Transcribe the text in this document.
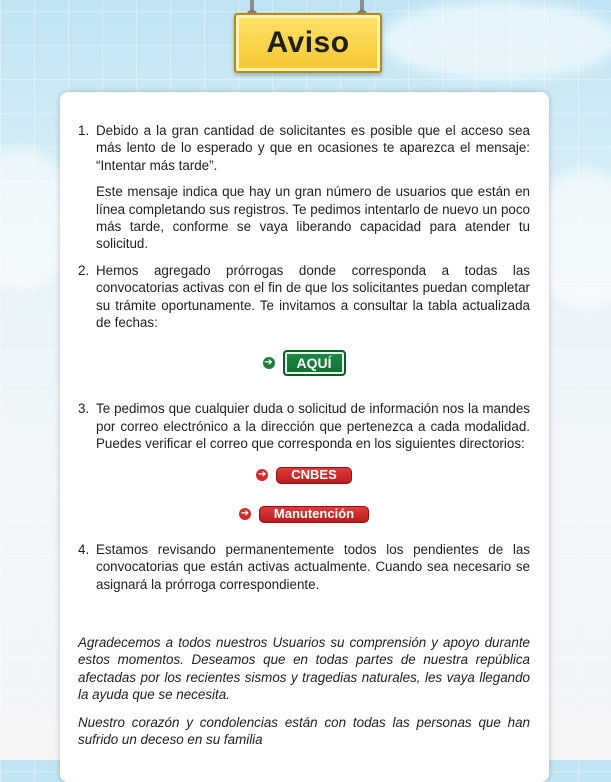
Aviso
1. Debido a la gran cantidad de solicitantes es posible que el acceso sea más lento de lo esperado y que en ocasiones te aparezca el mensaje: “Intentar más tarde”.

Este mensaje indica que hay un gran número de usuarios que están en línea completando sus registros. Te pedimos intentarlo de nuevo un poco más tarde, conforme se vaya liberando capacidad para atender tu solicitud.

2. Hemos agregado prórrogas donde corresponda a todas las convocatorias activas con el fin de que los solicitantes puedan completar su trámite oportunamente. Te invitamos a consultar la tabla actualizada de fechas:

➔	AQUÍ
3. Te pedimos que cualquier duda o solicitud de información nos la mandes por correo electrónico a la dirección que pertenezca a cada modalidad. Puedes verificar el correo que corresponda en los siguientes directorios:

➔	CNBES
➔	Manutención
4. Estamos revisando permanentemente todos los pendientes de las convocatorias que están activas actualmente. Cuando sea necesario se asignará la prórroga correspondiente.

Agradecemos a todos nuestros Usuarios su comprensión y apoyo durante estos momentos. Deseamos que en todas partes de nuestra república afectadas por los recientes sismos y tragedias naturales, les vaya llegando la ayuda que se necesita.

Nuestro corazón y condolencias están con todas las personas que han sufrido un deceso en su familia
